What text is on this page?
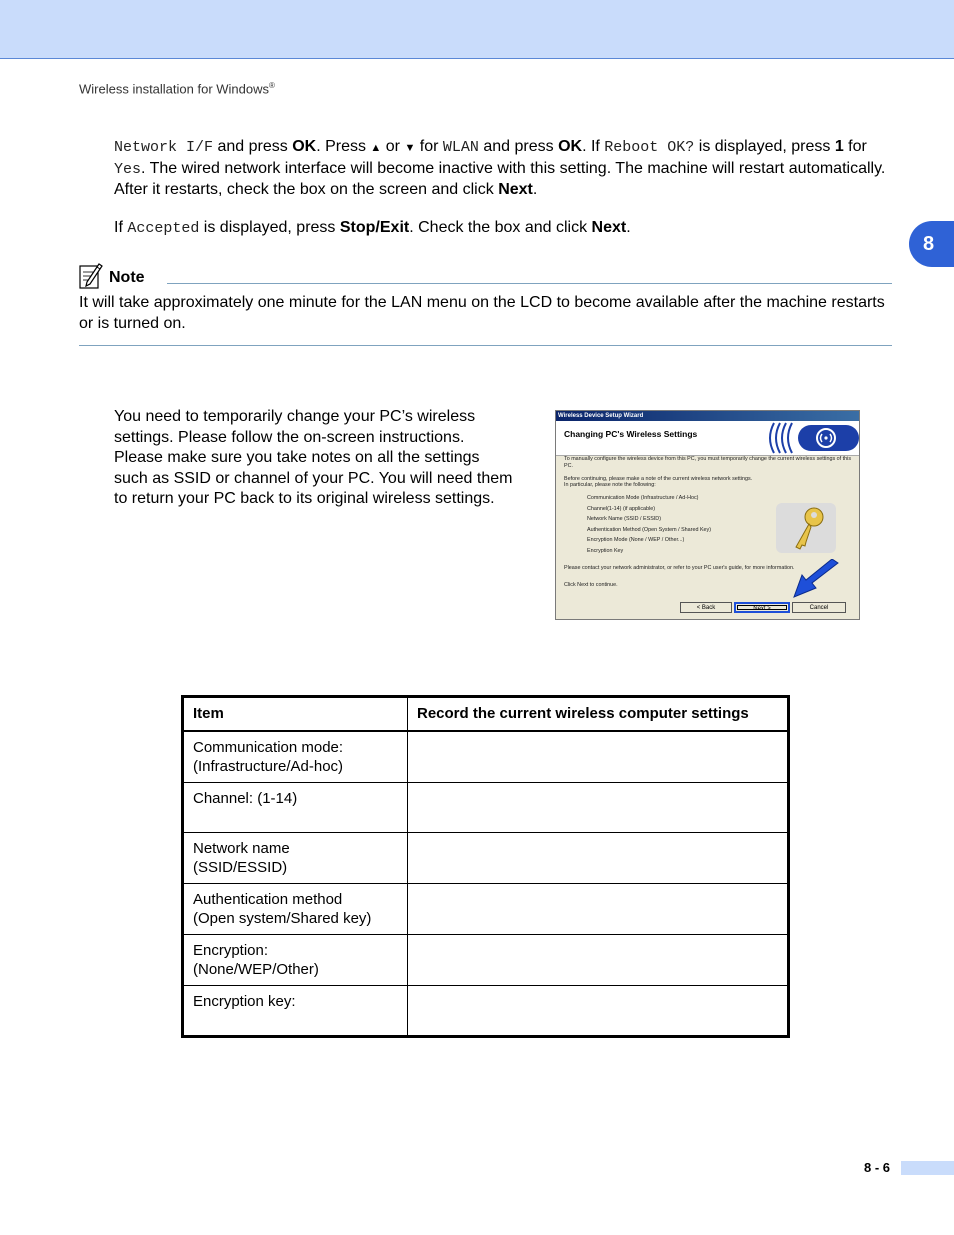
Wireless installation for Windows®
8
Network I/F and press OK. Press ▲ or ▼ for WLAN and press OK. If Reboot OK? is displayed, press 1 for Yes. The wired network interface will become inactive with this setting. The machine will restart automatically. After it restarts, check the box on the screen and click Next.
If Accepted is displayed, press Stop/Exit. Check the box and click Next.
Note
It will take approximately one minute for the LAN menu on the LCD to become available after the machine restarts or is turned on.
You need to temporarily change your PC’s wireless settings. Please follow the on-screen instructions. Please make sure you take notes on all the settings such as SSID or channel of your PC. You will need them to return your PC back to its original wireless settings.
Wireless Device Setup Wizard
Changing PC's Wireless Settings
To manually configure the wireless device from this PC, you must temporarily change the current wireless settings of this PC.
Before continuing, please make a note of the current wireless network settings.
In particular, please note the following:
Communication Mode (Infrastructure / Ad-Hoc)
Channel(1-14) (if applicable)
Network Name (SSID / ESSID)
Authentication Method (Open System / Shared Key)
Encryption Mode (None / WEP / Other...)
Encryption Key
Please contact your network administrator, or refer to your PC user's guide, for more information.
Click Next to continue.
< Back	Next >	Cancel
Item	Record the current wireless computer settings

Communication mode:
(Infrastructure/Ad-hoc)	

Channel: (1-14)	

Network name
(SSID/ESSID)	

Authentication method
(Open system/Shared key)	

Encryption:
(None/WEP/Other)	

Encryption key:	

8 - 6
